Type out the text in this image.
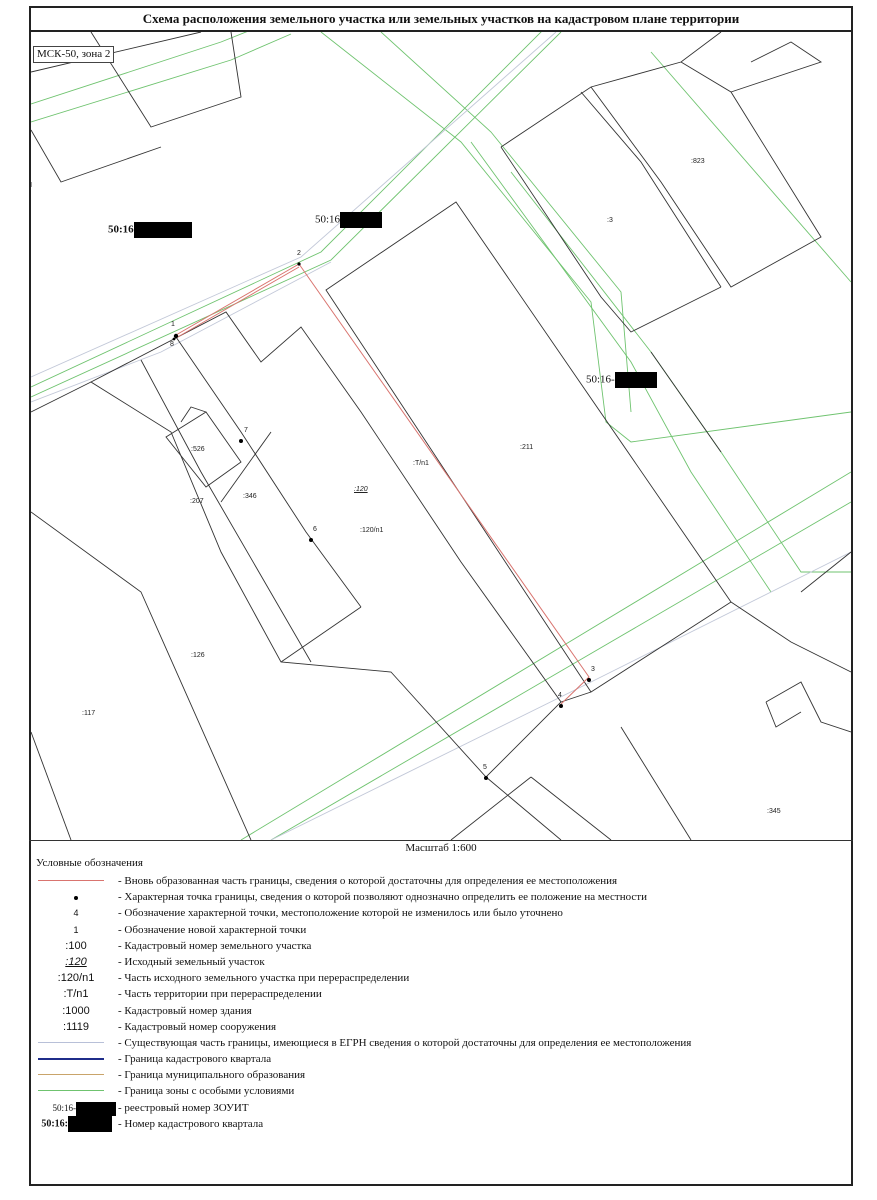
Схема расположения земельного участка или земельных участков на кадастровом плане территории
50:16
50:16
50:16-
:823
:3
:211
:T/n1
:120
:120/n1
:346
:526
:207
:126
:117
:345
1
2
3
4
5
6
7
8
МСК-50, зона 2
Масштаб 1:600
Условные обозначения
- Вновь образованная часть границы, сведения о которой достаточны для определения ее местоположения
- Характерная точка границы, сведения о которой позволяют однозначно определить ее положение на местности
4	- Обозначение характерной точки, местоположение которой не изменилось или было уточнено
1	- Обозначение новой характерной точки
:100	- Кадастровый номер земельного участка
:120	- Исходный земельный участок
:120/n1	- Часть исходного земельного участка при перераспределении
:T/n1	- Часть территории при перераспределении
:1000	- Кадастровый номер здания
:1119	- Кадастровый номер сооружения
- Существующая часть границы, имеющиеся в ЕГРН сведения о которой достаточны для определения ее местоположения
- Граница кадастрового квартала
- Граница муниципального образования
- Граница зоны с особыми условиями
50:16-	- реестровый номер ЗОУИТ
50:16:	- Номер кадастрового квартала
